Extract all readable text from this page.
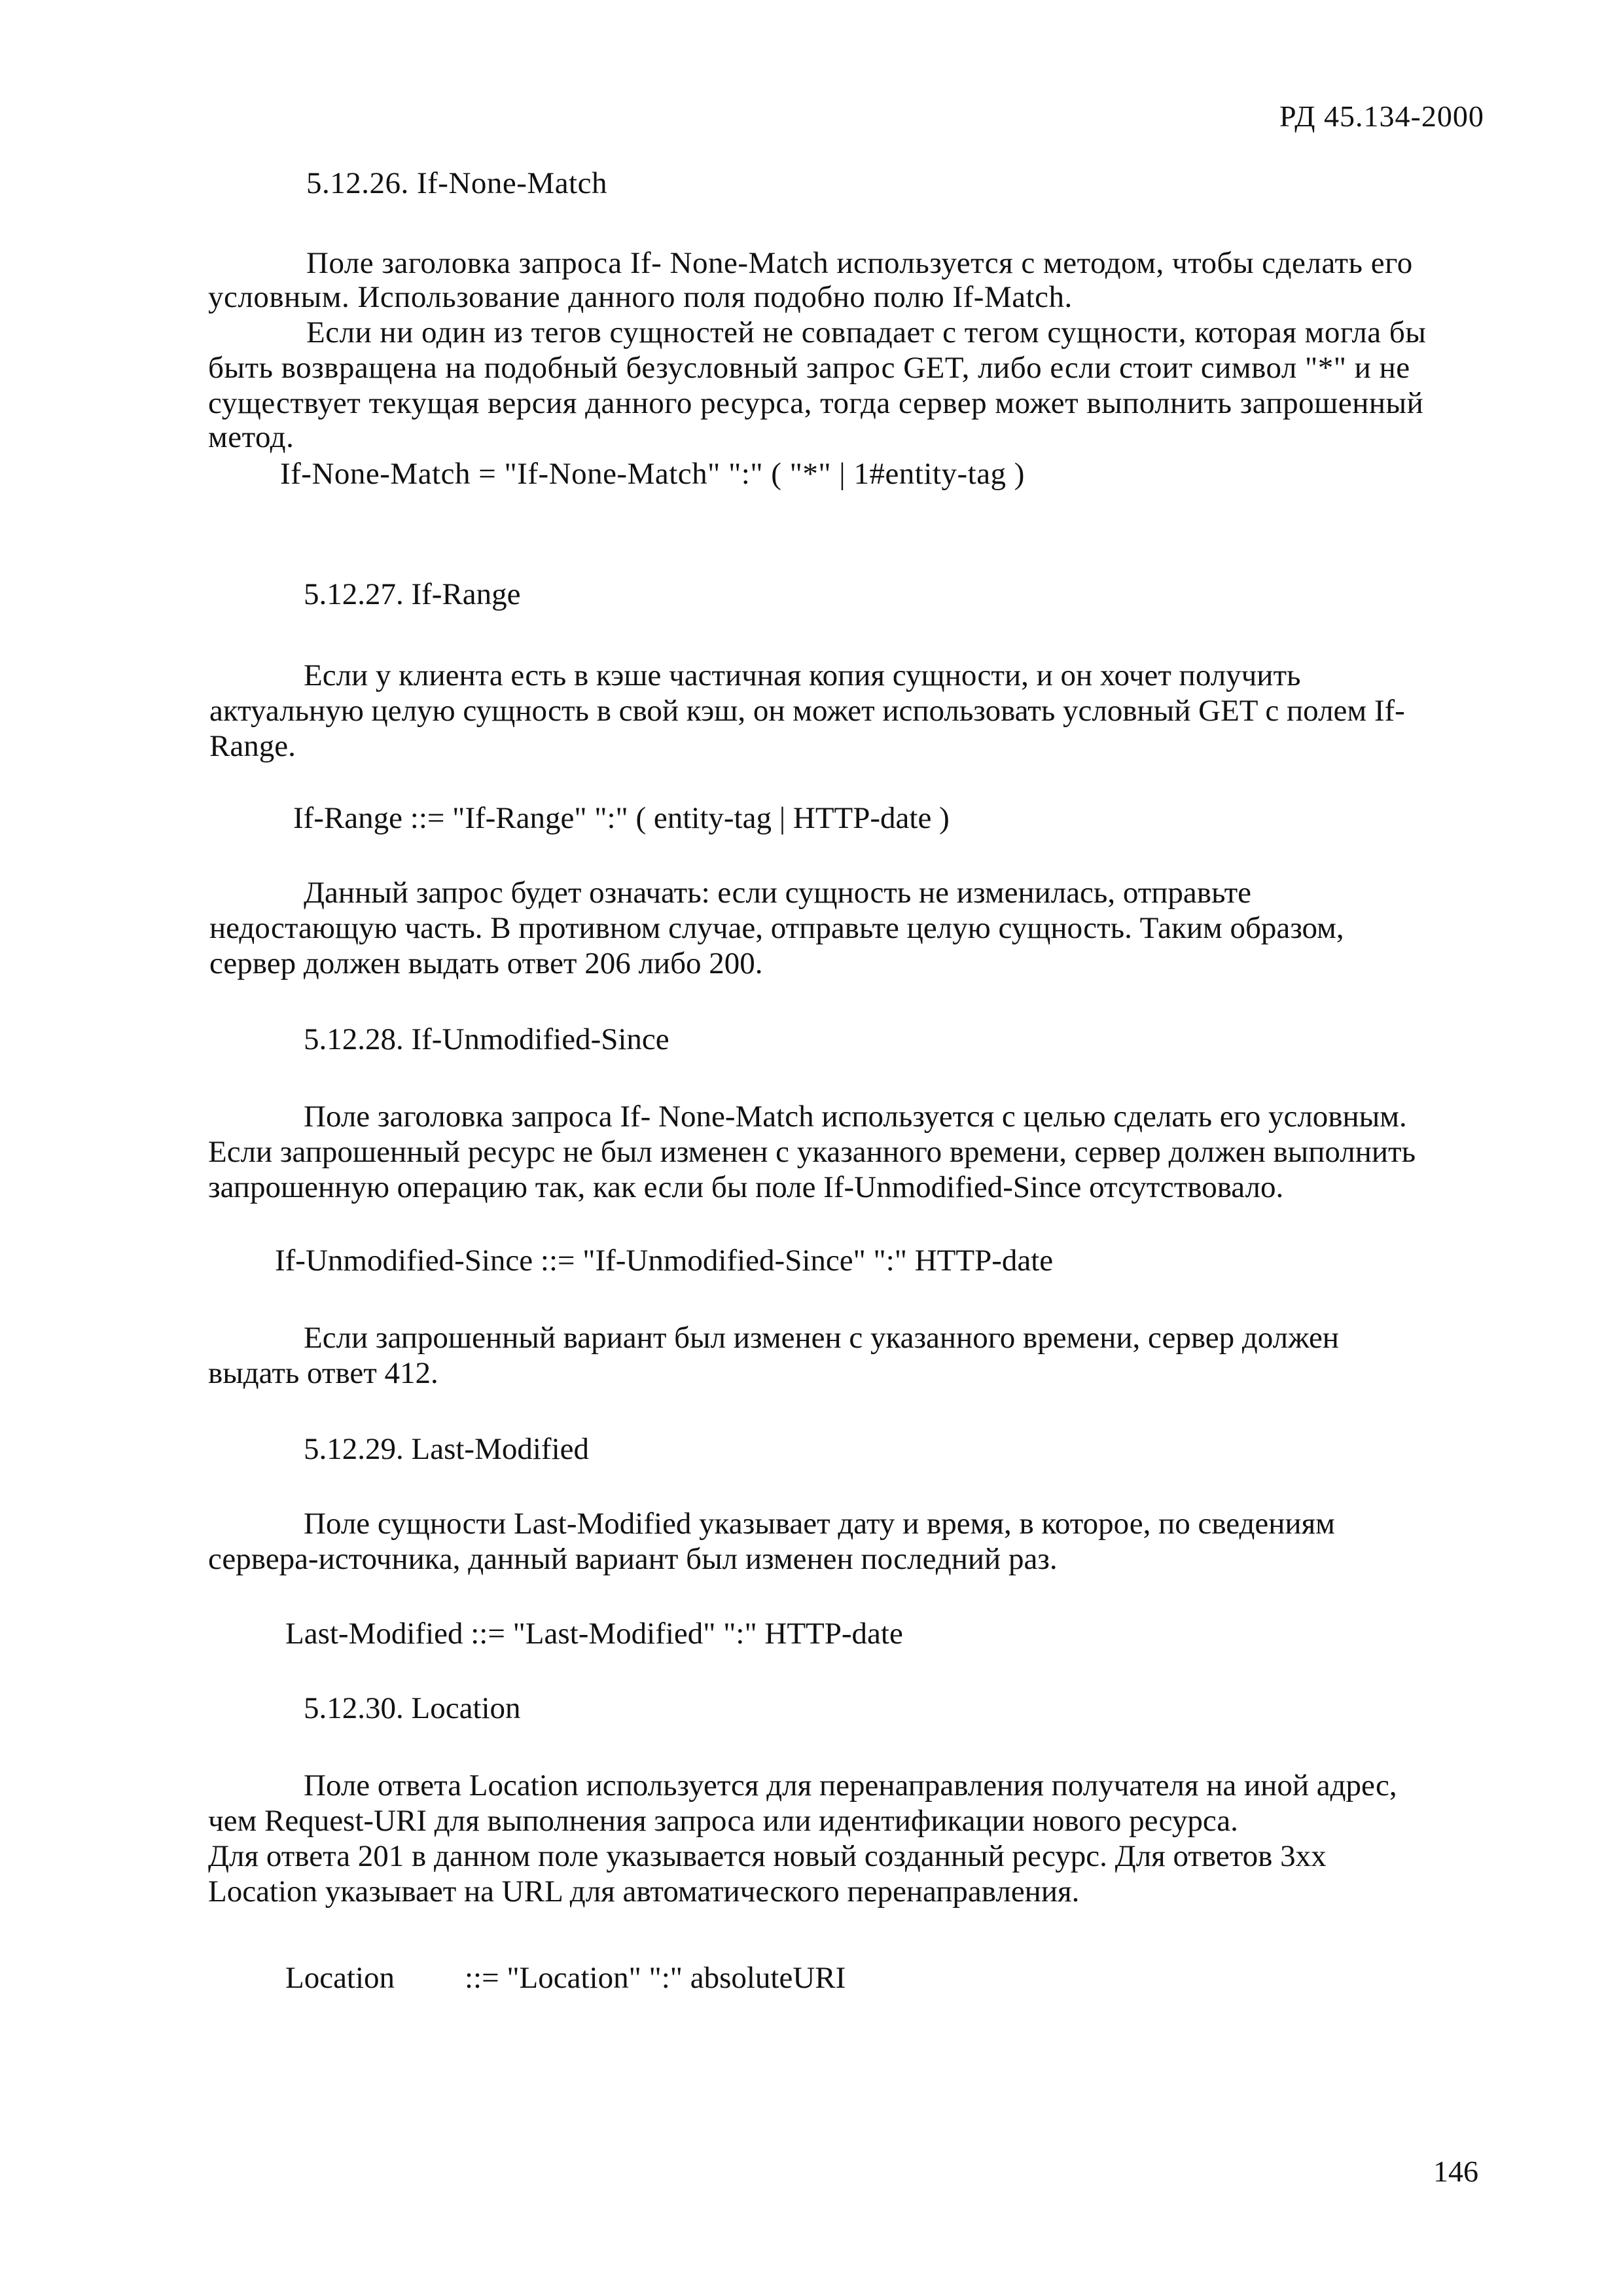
РД 45.134-2000
5.12.26. If-None-Match
Поле заголовка запроса If- None-Match используется с методом, чтобы сделать его
условным. Использование данного поля подобно полю If-Match.
Если ни один из тегов сущностей не совпадает с тегом сущности, которая могла бы
быть возвращена на подобный безусловный запрос GET, либо если стоит символ "*" и не
существует текущая версия данного ресурса, тогда сервер может выполнить запрошенный
метод.
If-None-Match = "If-None-Match" ":" ( "*" | 1#entity-tag )
5.12.27. If-Range
Если у клиента есть в кэше частичная копия сущности, и он хочет получить
актуальную целую сущность в свой кэш, он может использовать условный GET с полем If-
Range.
If-Range ::= "If-Range" ":" ( entity-tag | HTTP-date )
Данный запрос будет означать: если сущность не изменилась, отправьте
недостающую часть. В противном случае, отправьте целую сущность. Таким образом,
сервер должен выдать ответ 206 либо 200.
5.12.28. If-Unmodified-Since
Поле заголовка запроса If- None-Match используется с целью сделать его условным.
Если запрошенный ресурс не был изменен с указанного времени, сервер должен выполнить
запрошенную операцию так, как если бы поле If-Unmodified-Since отсутствовало.
If-Unmodified-Since ::= "If-Unmodified-Since" ":" HTTP-date
Если запрошенный вариант был изменен с указанного времени, сервер должен
выдать ответ 412.
5.12.29. Last-Modified
Поле сущности Last-Modified указывает дату и время, в которое, по сведениям
сервера-источника, данный вариант был изменен последний раз.
Last-Modified ::= "Last-Modified" ":" HTTP-date
5.12.30. Location
Поле ответа Location используется для перенаправления получателя на иной адрес,
чем Request-URI для выполнения запроса или идентификации нового ресурса.
Для ответа 201 в данном поле указывается новый созданный ресурс. Для ответов 3xx
Location указывает на URL для автоматического перенаправления.
Location ::= "Location" ":" absoluteURI
146
